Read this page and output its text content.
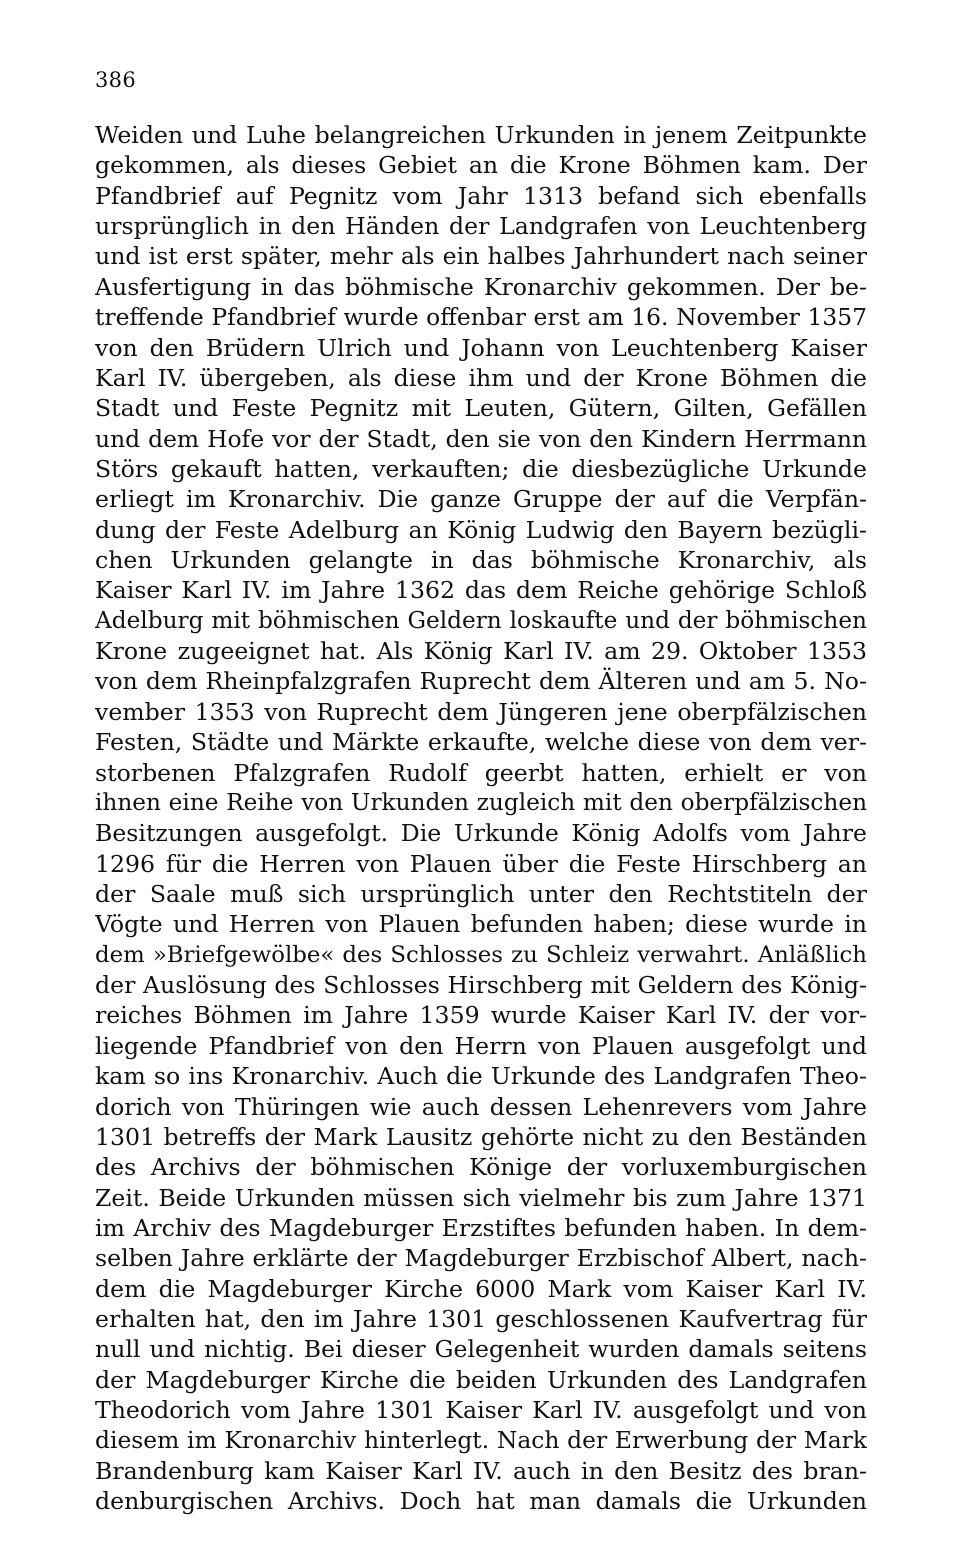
386
Weiden und Luhe belangreichen Urkunden in jenem Zeitpunkte
gekommen, als dieses Gebiet an die Krone Böhmen kam. Der
Pfandbrief auf Pegnitz vom Jahr 1313 befand sich ebenfalls
ursprünglich in den Händen der Landgrafen von Leuchtenberg
und ist erst später, mehr als ein halbes Jahrhundert nach seiner
Ausfertigung in das böhmische Kronarchiv gekommen. Der be-
treffende Pfandbrief wurde offenbar erst am 16. November 1357
von den Brüdern Ulrich und Johann von Leuchtenberg Kaiser
Karl IV. übergeben, als diese ihm und der Krone Böhmen die
Stadt und Feste Pegnitz mit Leuten, Gütern, Gilten, Gefällen
und dem Hofe vor der Stadt, den sie von den Kindern Herrmann
Störs gekauft hatten, verkauften; die diesbezügliche Urkunde
erliegt im Kronarchiv. Die ganze Gruppe der auf die Verpfän-
dung der Feste Adelburg an König Ludwig den Bayern bezügli-
chen Urkunden gelangte in das böhmische Kronarchiv, als
Kaiser Karl IV. im Jahre 1362 das dem Reiche gehörige Schloß
Adelburg mit böhmischen Geldern loskaufte und der böhmischen
Krone zugeeignet hat. Als König Karl IV. am 29. Oktober 1353
von dem Rheinpfalzgrafen Ruprecht dem Älteren und am 5. No-
vember 1353 von Ruprecht dem Jüngeren jene oberpfälzischen
Festen, Städte und Märkte erkaufte, welche diese von dem ver-
storbenen Pfalzgrafen Rudolf geerbt hatten, erhielt er von
ihnen eine Reihe von Urkunden zugleich mit den oberpfälzischen
Besitzungen ausgefolgt. Die Urkunde König Adolfs vom Jahre
1296 für die Herren von Plauen über die Feste Hirschberg an
der Saale muß sich ursprünglich unter den Rechtstiteln der
Vögte und Herren von Plauen befunden haben; diese wurde in
dem »Briefgewölbe« des Schlosses zu Schleiz verwahrt. Anläßlich
der Auslösung des Schlosses Hirschberg mit Geldern des König-
reiches Böhmen im Jahre 1359 wurde Kaiser Karl IV. der vor-
liegende Pfandbrief von den Herrn von Plauen ausgefolgt und
kam so ins Kronarchiv. Auch die Urkunde des Landgrafen Theo-
dorich von Thüringen wie auch dessen Lehenrevers vom Jahre
1301 betreffs der Mark Lausitz gehörte nicht zu den Beständen
des Archivs der böhmischen Könige der vorluxemburgischen
Zeit. Beide Urkunden müssen sich vielmehr bis zum Jahre 1371
im Archiv des Magdeburger Erzstiftes befunden haben. In dem-
selben Jahre erklärte der Magdeburger Erzbischof Albert, nach-
dem die Magdeburger Kirche 6000 Mark vom Kaiser Karl IV.
erhalten hat, den im Jahre 1301 geschlossenen Kaufvertrag für
null und nichtig. Bei dieser Gelegenheit wurden damals seitens
der Magdeburger Kirche die beiden Urkunden des Landgrafen
Theodorich vom Jahre 1301 Kaiser Karl IV. ausgefolgt und von
diesem im Kronarchiv hinterlegt. Nach der Erwerbung der Mark
Brandenburg kam Kaiser Karl IV. auch in den Besitz des bran-
denburgischen Archivs. Doch hat man damals die Urkunden
